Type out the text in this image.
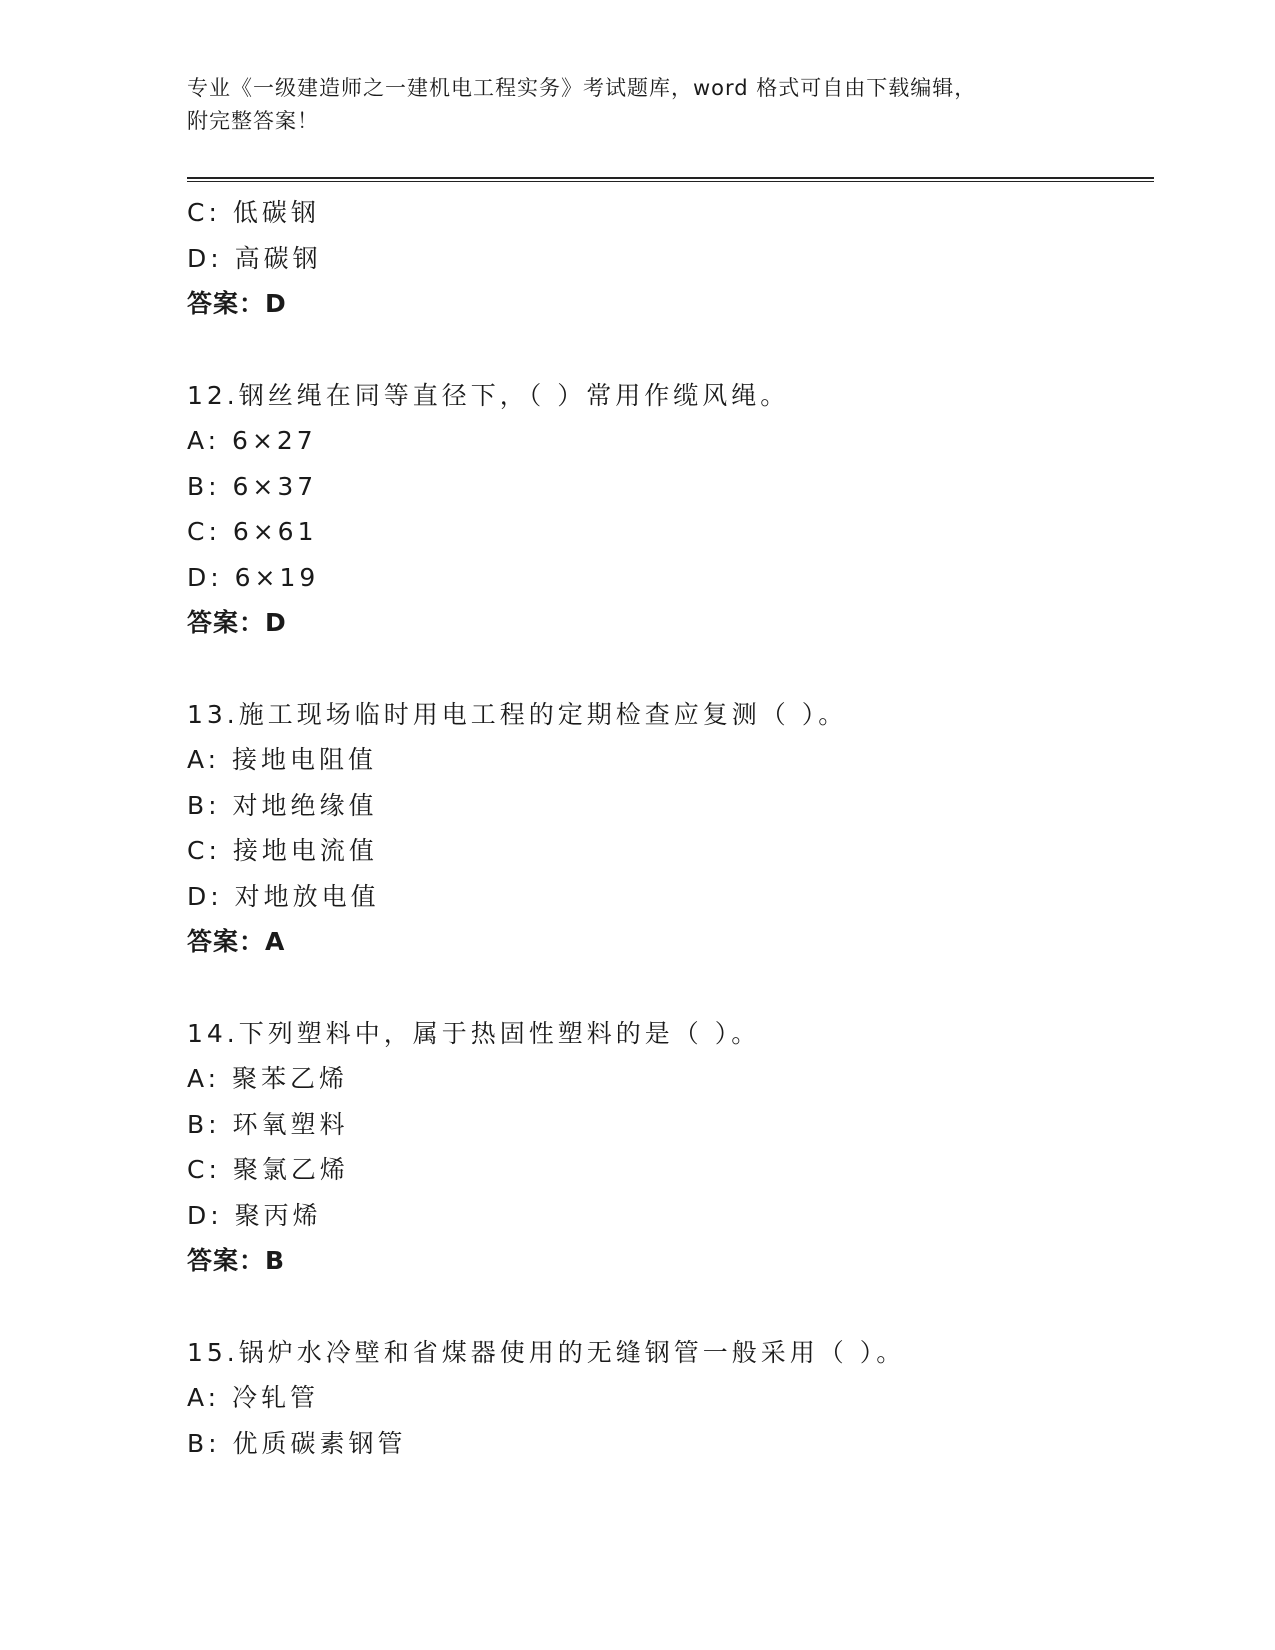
专业《一级建造师之一建机电工程实务》考试题库，word 格式可自由下载编辑，
附完整答案！
C: 低碳钢
D: 高碳钢
答案：D
12.钢丝绳在同等直径下，（ ）常用作缆风绳。
A: 6×27
B: 6×37
C: 6×61
D: 6×19
答案：D
13.施工现场临时用电工程的定期检查应复测（ ）。
A: 接地电阻值
B: 对地绝缘值
C: 接地电流值
D: 对地放电值
答案：A
14.下列塑料中，属于热固性塑料的是（ ）。
A: 聚苯乙烯
B: 环氧塑料
C: 聚氯乙烯
D: 聚丙烯
答案：B
15.锅炉水冷壁和省煤器使用的无缝钢管一般采用（ ）。
A: 冷轧管
B: 优质碳素钢管
